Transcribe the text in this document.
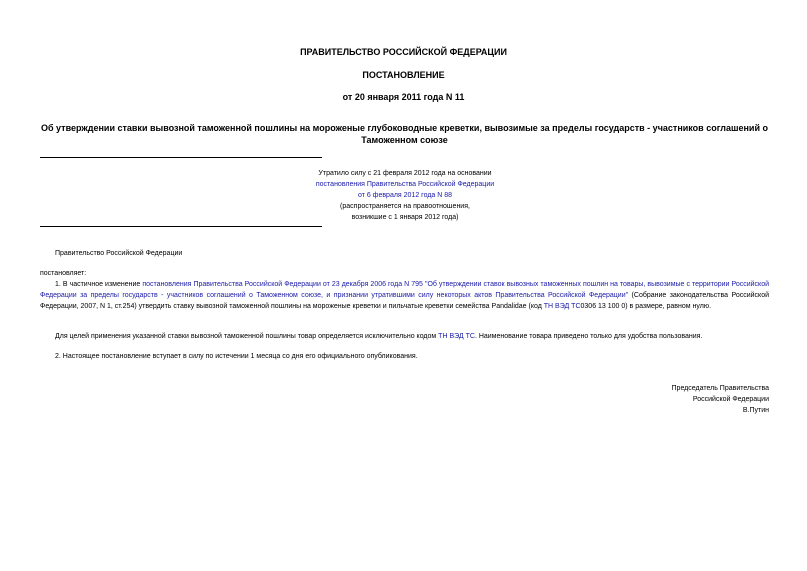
ПРАВИТЕЛЬСТВО РОССИЙСКОЙ ФЕДЕРАЦИИ
ПОСТАНОВЛЕНИЕ
от 20 января 2011 года N 11
Об утверждении ставки вывозной таможенной пошлины на мороженые глубоководные креветки, вывозимые за пределы государств - участников соглашений о Таможенном союзе
Утратило силу с 21 февраля 2012 года на основании
постановления Правительства Российской Федерации
от 6 февраля 2012 года N 88
(распространяется на правоотношения,
возникшие с 1 января 2012 года)
Правительство Российской Федерации
постановляет:
1. В частичное изменение постановления Правительства Российской Федерации от 23 декабря 2006 года N 795 "Об утверждении ставок вывозных таможенных пошлин на товары, вывозимые с территории Российской Федерации за пределы государств - участников соглашений о Таможенном союзе, и признании утратившими силу некоторых актов Правительства Российской Федерации" (Собрание законодательства Российской Федерации, 2007, N 1, ст.254) утвердить ставку вывозной таможенной пошлины на мороженые креветки и пильчатые креветки семейства Pandalidae (код ТН ВЭД ТС0306 13 100 0) в размере, равном нулю.
Для целей применения указанной ставки вывозной таможенной пошлины товар определяется исключительно кодом ТН ВЭД ТС. Наименование товара приведено только для удобства пользования.
2. Настоящее постановление вступает в силу по истечении 1 месяца со дня его официального опубликования.
Председатель Правительства
Российской Федерации
В.Путин
